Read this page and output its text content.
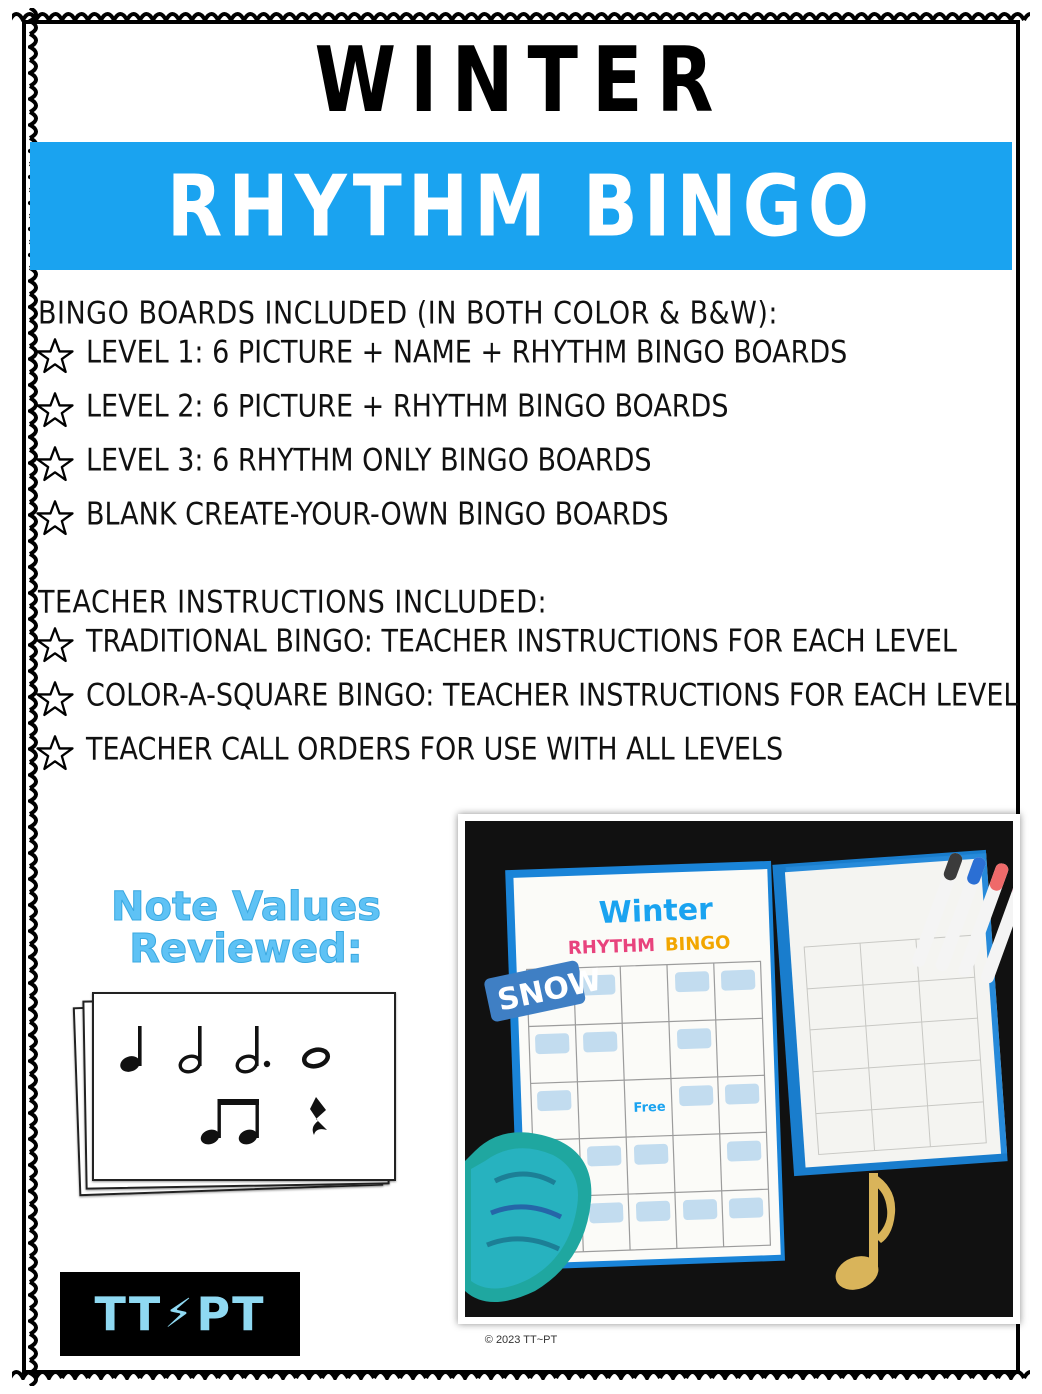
WINTER
RHYTHM BINGO
BINGO BOARDS INCLUDED (IN BOTH COLOR & B&W):
LEVEL 1: 6 PICTURE + NAME + RHYTHM BINGO BOARDS
LEVEL 2: 6 PICTURE + RHYTHM BINGO BOARDS
LEVEL 3: 6 RHYTHM ONLY BINGO BOARDS
BLANK CREATE-YOUR-OWN BINGO BOARDS
TEACHER INSTRUCTIONS INCLUDED:
TRADITIONAL BINGO: TEACHER INSTRUCTIONS FOR EACH LEVEL
COLOR-A-SQUARE BINGO: TEACHER INSTRUCTIONS FOR EACH LEVEL
TEACHER CALL ORDERS FOR USE WITH ALL LEVELS
Note Values
Reviewed:
Winter
RHYTHM BINGO
Free
SNOW
TT ⚡ PT	© 2023 TT~PT
